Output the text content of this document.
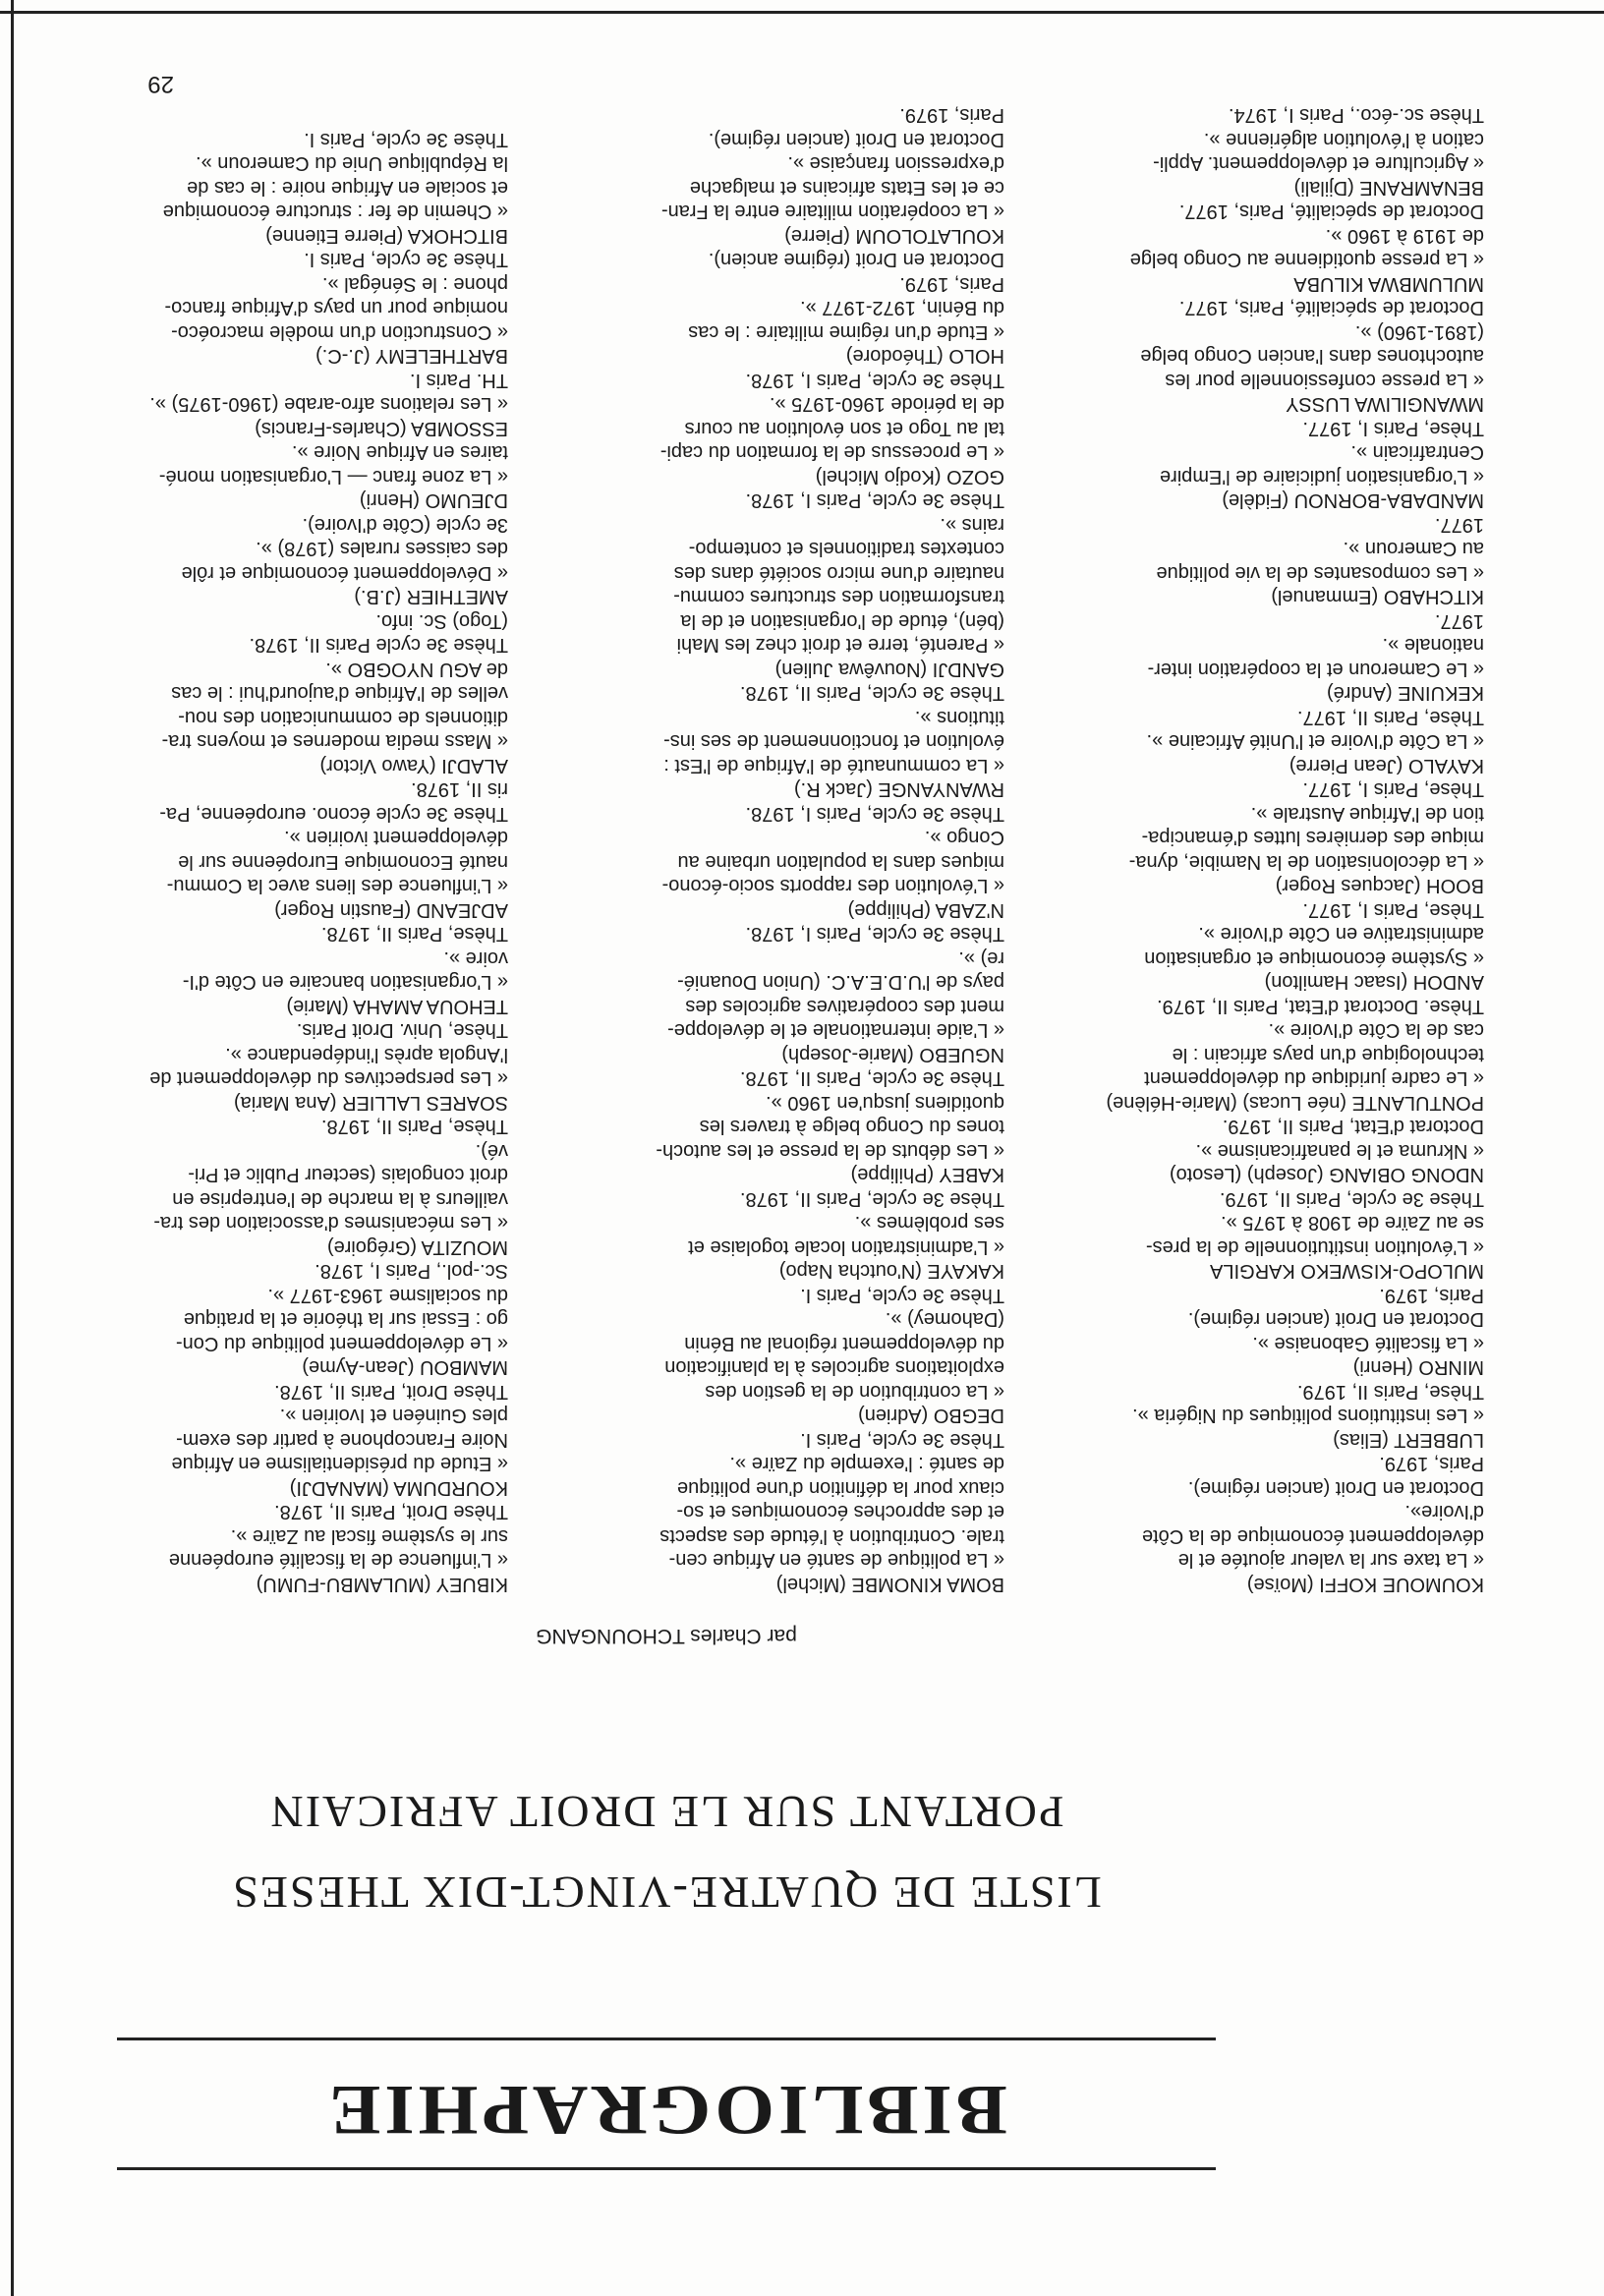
BIBLIOGRAPHIE
LISTE DE QUATRE-VINGT-DIX THESES
PORTANT SUR LE DROIT AFRICAIN
par Charles TCHOUNGANG

KIBUEY (MULAMBU-FUMU)

« L'influence de la fiscalité européenne

sur le système fiscal au Zaïre ».

Thèse Droit, Paris II, 1978.

KOURDUMA (MANADJI)

« Etude du présidentialisme en Afrique

Noire Francophone à partir des exem-

ples Guinéen et Ivoirien ».

Thèse Droit, Paris II, 1978.

MAMBOU (Jean-Ayme)

« Le développement politique du Con-

go : Essai sur la théorie et la pratique

du socialisme 1963-1977 ».

Sc.-pol., Paris I, 1978.

MOUZITA (Grégoire)

« Les mécanismes d'association des tra-

vailleurs à la marche de l'entreprise en

droit congolais (secteur Public et Pri-

vé).

Thèse, Paris II, 1978.

SOARES LALLIER (Ana Maria)

« Les perspectives du développement de

l'Angola après l'indépendance ».

Thèse, Univ. Droit Paris.

TEHOUA AMAHA (Marie)

« L'organisation bancaire en Côte d'I-

voire ».

Thèse, Paris II, 1978.

ADJEAND (Faustin Roger)

« L'influence des liens avec la Commu-

nauté Economique Européenne sur le

développement ivoirien ».

Thèse 3e cycle écono. européenne, Pa-

ris II, 1978.

ALADJI (Yawo Victor)

« Mass media modernes et moyens tra-

ditionnels de communication des nou-

velles de l'Afrique d'aujourd'hui : le cas

de AGU NYOGBO ».

Thèse 3e cycle Paris II, 1978.

(Togo) Sc. info.

AMETHIER (J.B.)

« Développement économique et rôle

des caisses rurales (1978) ».

3e cycle (Côte d'Ivoire).

DJEUMO (Henri)

« La zone franc — L'organisation moné-

taires en Afrique Noire ».

ESSOMBA (Charles-Francis)

« Les relations afro-arabe (1960-1975) ».

TH. Paris I.

BARTHELEMY (J.-C.)

« Construction d'un modèle macroéco-

nomique pour un pays d'Afrique franco-

phone : le Sénégal ».

Thèse 3e cycle, Paris I.

BITCHOKA (Pierre Etienne)

« Chemin de fer : structure économique

et sociale en Afrique noire : le cas de

la République Unie du Cameroun ».

Thèse 3e cycle, Paris I.

BOMA KINOMBE (Michel)

« La politique de santé en Afrique cen-

trale. Contribution à l'étude des aspects

et des approches économiques et so-

ciaux pour la définition d'une politique

de santé : l'exemple du Zaïre ».

Thèse 3e cycle, Paris I.

DEGBO (Adrien)

« La contribution de la gestion des

exploitations agricoles à la planification

du développement régional au Bénin

(Dahomey) ».

Thèse 3e cycle, Paris I.

KAKAYE (N'outcha Napo)

« L'administration locale togolaise et

ses problèmes ».

Thèse 3e cycle, Paris II, 1978.

KABEY (Philippe)

« Les débuts de la presse et les autoch-

tones du Congo belge à travers les

quotidiens jusqu'en 1960 ».

Thèse 3e cycle, Paris II, 1978.

NGUEBO (Marie-Joseph)

« L'aide internationale et le développe-

ment des coopératives agricoles des

pays de l'U.D.E.A.C. (Union Douanié-

re) ».

Thèse 3e cycle, Paris I, 1978.

N'ZABA (Philippe)

« L'évolution des rapports socio-écono-

miques dans la population urbaine au

Congo ».

Thèse 3e cycle, Paris I, 1978.

RWANYANGE (Jack R.)

« La communauté de l'Afrique de l'Est :

évolution et fonctionnement de ses ins-

titutions ».

Thèse 3e cycle, Paris II, 1978.

GANDJI (Nouvêwa Julien)

« Parenté, terre et droit chez les Mahi

(bén), étude de l'organisation et de la

transformation des structures commu-

nautaire d'une micro société dans des

contextes traditionnels et contempo-

rains ».

Thèse 3e cycle, Paris I, 1978.

GOZO (Kodjo Michel)

« Le processus de la formation du capi-

tal au Togo et son évolution au cours

de la période 1960-1975 ».

Thèse 3e cycle, Paris I, 1978.

HOLO (Théodore)

« Etude d'un régime militaire : le cas

du Bénin, 1972-1977 ».

Paris, 1979.

Doctorat en Droit (régime ancien).

KOULATOLOUM (Pierre)

« La coopération militaire entre la Fran-

ce et les Etats africains et malgache

d'expression française ».

Doctorat en Droit (ancien régime).

Paris, 1979.

KOUMOUE KOFFI (Moïse)

« La taxe sur la valeur ajoutée et le

développement économique de la Côte

d'Ivoire».

Doctorat en Droit (ancien régime).

Paris, 1979.

LUBBERT (Elias)

« Les institutions politiques du Nigéria ».

Thèse, Paris II, 1979.

MINRO (Henri)

« La fiscalité Gabonaise ».

Doctorat en Droit (ancien régime).

Paris, 1979.

MULOPO-KISWEKO KARGILA

« L'évolution institutionnelle de la pres-

se au Zaïre de 1908 à 1975 ».

Thèse 3e cycle, Paris II, 1979.

NDONG OBIANG (Joseph) (Lesoto)

« Nkruma et le panafricanisme ».

Doctorat d'Etat, Paris II, 1979.

PONTULANTE (née Lucas) (Marie-Hélène)

« Le cadre juridique du développement

technologique d'un pays africain : le

cas de la Côte d'Ivoire ».

Thèse. Doctorat d'Etat, Paris II, 1979.

ANDOH (Isaac Hamilton)

« Système économique et organisation

administrative en Côte d'Ivoire ».

Thèse, Paris I, 1977.

BOOH (Jacques Roger)

« La décolonisation de la Namibie, dyna-

mique des dernières luttes d'émancipa-

tion de l'Afrique Australe ».

Thèse, Paris I, 1977.

KAYALO (Jean Pierre)

« La Côte d'Ivoire et l'Unité Africaine ».

Thèse, Paris II, 1977.

KEKUINE (André)

« Le Cameroun et la coopération inter-

nationale ».

1977.

KITCHABO (Emmanuel)

« Les composantes de la vie politique

au Cameroun ».

1977.

MANDABA-BORNOU (Fidèle)

« L'organisation judiciaire de l'Empire

Centrafricain ».

Thèse, Paris I, 1977.

MWANGILIWA LUSSY

« La presse confessionnelle pour les

autochtones dans l'ancien Congo belge

(1891-1960) ».

Doctorat de spécialité, Paris, 1977.

MULUMBWA KILUBA

« La presse quotidienne au Congo belge

de 1919 à 1960 ».

Doctorat de spécialité, Paris, 1977.

BENAMRANE (Djilali)

« Agriculture et développement. Appli-

cation à l'évolution algérienne ».

Thèse sc.-éco., Paris I, 1974.

29
